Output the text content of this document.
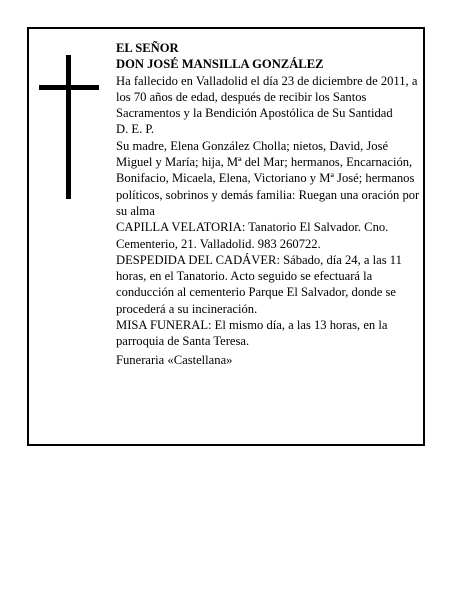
EL SEÑOR

DON JOSÉ MANSILLA GONZÁLEZ

Ha fallecido en Valladolid el día 23 de diciembre de 2011, a los 70 años de edad, después de recibir los Santos Sacramentos y la Bendición Apostólica de Su Santidad

D. E. P.

Su madre, Elena González Cholla; nietos, David, José Miguel y María; hija, Mª del Mar; hermanos, Encarnación, Bonifacio, Micaela, Elena, Victoriano y Mª José; hermanos políticos, sobrinos y demás familia: Ruegan una oración por su alma

CAPILLA VELATORIA: Tanatorio El Salvador. Cno. Cementerio, 21. Valladolid. 983 260722.

DESPEDIDA DEL CADÁVER: Sábado, día 24, a las 11 horas, en el Tanatorio. Acto seguido se efectuará la conducción al cementerio Parque El Salvador, donde se procederá a su incineración.

MISA FUNERAL: El mismo día, a las 13 horas, en la parroquia de Santa Teresa.

Funeraria «Castellana»
